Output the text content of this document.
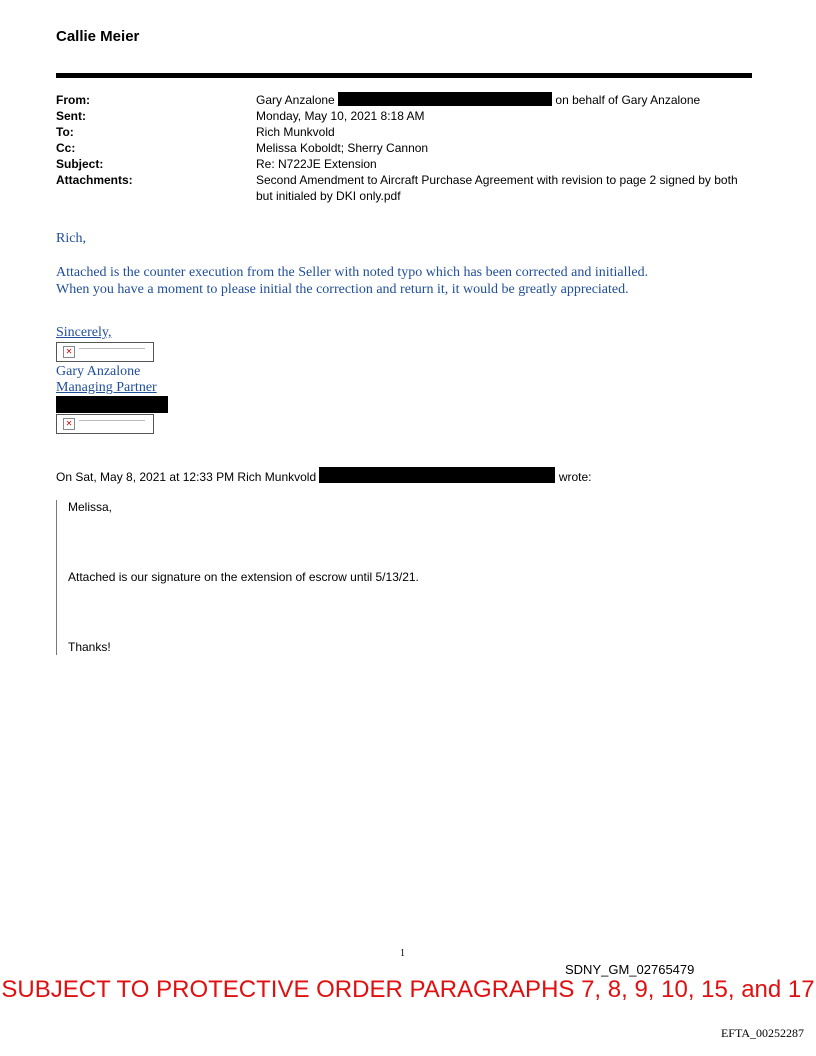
Callie Meier
From:	Gary Anzalone	on behalf of Gary Anzalone
Sent:	Monday, May 10, 2021 8:18 AM
To:	Rich Munkvold
Cc:	Melissa Koboldt; Sherry Cannon
Subject:	Re: N722JE Extension
Attachments:	Second Amendment to Aircraft Purchase Agreement with revision to page 2 signed by both but initialed by DKI only.pdf
Rich,
Attached is the counter execution from the Seller with noted typo which has been corrected and initialled.
When you have a moment to please initial the correction and return it, it would be greatly appreciated.
Sincerely,
✕
Gary Anzalone
Managing Partner
✕
On Sat, May 8, 2021 at 12:33 PM Rich Munkvold	wrote:

Melissa,

Attached is our signature on the extension of escrow until 5/13/21.

Thanks!

1
SDNY_GM_02765479
SUBJECT TO PROTECTIVE ORDER PARAGRAPHS 7, 8, 9, 10, 15, and 17
EFTA_00252287
